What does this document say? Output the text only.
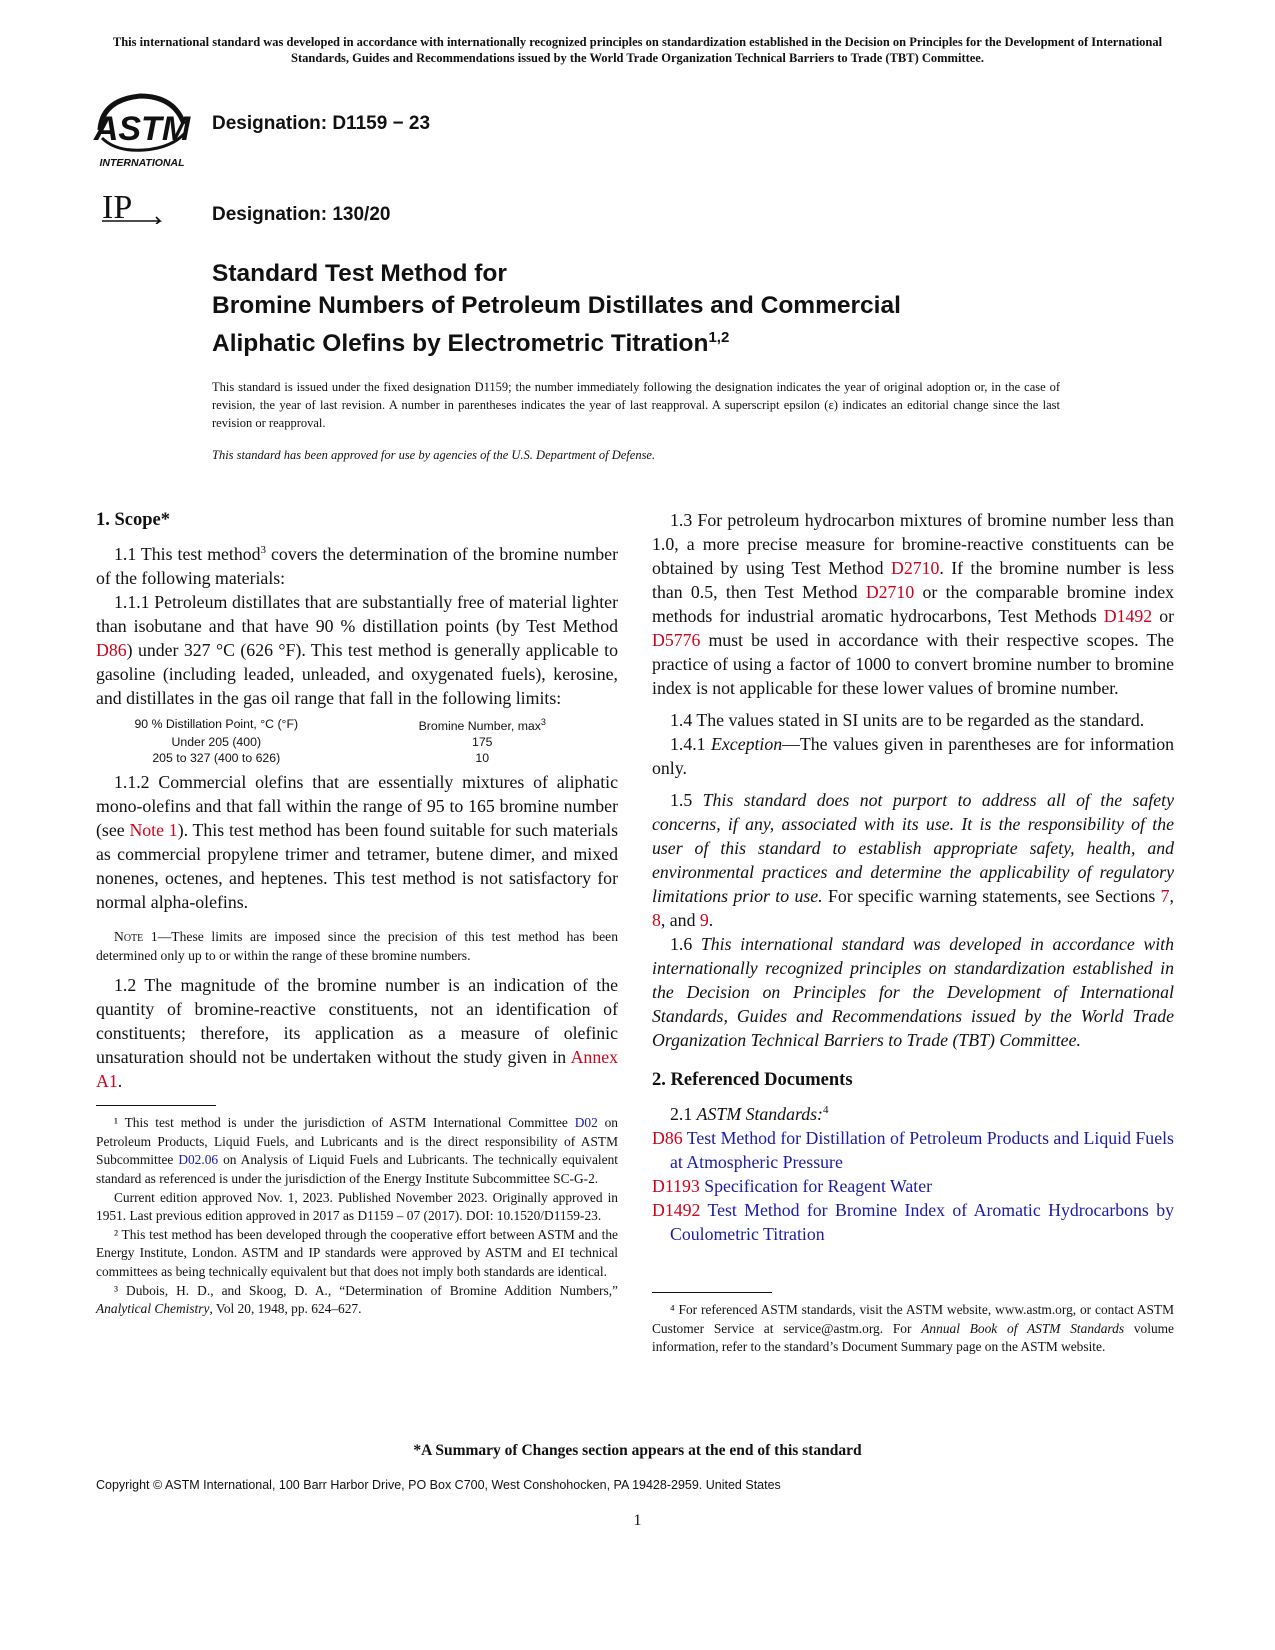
This international standard was developed in accordance with internationally recognized principles on standardization established in the Decision on Principles for the Development of International Standards, Guides and Recommendations issued by the World Trade Organization Technical Barriers to Trade (TBT) Committee.
ASTM
INTERNATIONAL
IP
Designation: D1159 − 23
Designation: 130/20
Standard Test Method for
Bromine Numbers of Petroleum Distillates and Commercial
Aliphatic Olefins by Electrometric Titration$^{1,2}$
This standard is issued under the fixed designation D1159; the number immediately following the designation indicates the year of original adoption or, in the case of revision, the year of last revision. A number in parentheses indicates the year of last reapproval. A superscript epsilon (ε) indicates an editorial change since the last revision or reapproval.
This standard has been approved for use by agencies of the U.S. Department of Defense.

1. Scope*

1.1 This test method$^3$ covers the determination of the bromine number of the following materials:

1.1.1 Petroleum distillates that are substantially free of material lighter than isobutane and that have 90 % distillation points (by Test Method D86) under 327 °C (626 °F). This test method is generally applicable to gasoline (including leaded, unleaded, and oxygenated fuels), kerosine, and distillates in the gas oil range that fall in the following limits:

90 % Distillation Point, °C (°F)	Bromine Number, $\max^3$
Under 205 (400)	175
205 to 327 (400 to 626)	10

1.1.2 Commercial olefins that are essentially mixtures of aliphatic mono-olefins and that fall within the range of 95 to 165 bromine number (see Note 1). This test method has been found suitable for such materials as commercial propylene trimer and tetramer, butene dimer, and mixed nonenes, octenes, and heptenes. This test method is not satisfactory for normal alpha-olefins.

Note 1—These limits are imposed since the precision of this test method has been determined only up to or within the range of these bromine numbers.

1.2 The magnitude of the bromine number is an indication of the quantity of bromine-reactive constituents, not an identification of constituents; therefore, its application as a measure of olefinic unsaturation should not be undertaken without the study given in Annex A1.

¹ This test method is under the jurisdiction of ASTM International Committee D02 on Petroleum Products, Liquid Fuels, and Lubricants and is the direct responsibility of ASTM Subcommittee D02.06 on Analysis of Liquid Fuels and Lubricants. The technically equivalent standard as referenced is under the jurisdiction of the Energy Institute Subcommittee SC-G-2.

Current edition approved Nov. 1, 2023. Published November 2023. Originally approved in 1951. Last previous edition approved in 2017 as D1159 – 07 (2017). DOI: 10.1520/D1159-23.

² This test method has been developed through the cooperative effort between ASTM and the Energy Institute, London. ASTM and IP standards were approved by ASTM and EI technical committees as being technically equivalent but that does not imply both standards are identical.

³ Dubois, H. D., and Skoog, D. A., “Determination of Bromine Addition Numbers,” Analytical Chemistry, Vol 20, 1948, pp. 624–627.

1.3 For petroleum hydrocarbon mixtures of bromine number less than 1.0, a more precise measure for bromine-reactive constituents can be obtained by using Test Method D2710. If the bromine number is less than 0.5, then Test Method D2710 or the comparable bromine index methods for industrial aromatic hydrocarbons, Test Methods D1492 or D5776 must be used in accordance with their respective scopes. The practice of using a factor of 1000 to convert bromine number to bromine index is not applicable for these lower values of bromine number.

1.4 The values stated in SI units are to be regarded as the standard.

1.4.1 Exception—The values given in parentheses are for information only.

1.5 This standard does not purport to address all of the safety concerns, if any, associated with its use. It is the responsibility of the user of this standard to establish appropriate safety, health, and environmental practices and determine the applicability of regulatory limitations prior to use. For specific warning statements, see Sections 7, 8, and 9.

1.6 This international standard was developed in accordance with internationally recognized principles on standardization established in the Decision on Principles for the Development of International Standards, Guides and Recommendations issued by the World Trade Organization Technical Barriers to Trade (TBT) Committee.

2. Referenced Documents

2.1 ASTM Standards:$^4$

D86 Test Method for Distillation of Petroleum Products and Liquid Fuels at Atmospheric Pressure

D1193 Specification for Reagent Water

D1492 Test Method for Bromine Index of Aromatic Hydrocarbons by Coulometric Titration

⁴ For referenced ASTM standards, visit the ASTM website, www.astm.org, or contact ASTM Customer Service at service@astm.org. For Annual Book of ASTM Standards volume information, refer to the standard’s Document Summary page on the ASTM website.

*A Summary of Changes section appears at the end of this standard
Copyright © ASTM International, 100 Barr Harbor Drive, PO Box C700, West Conshohocken, PA 19428-2959. United States
1
